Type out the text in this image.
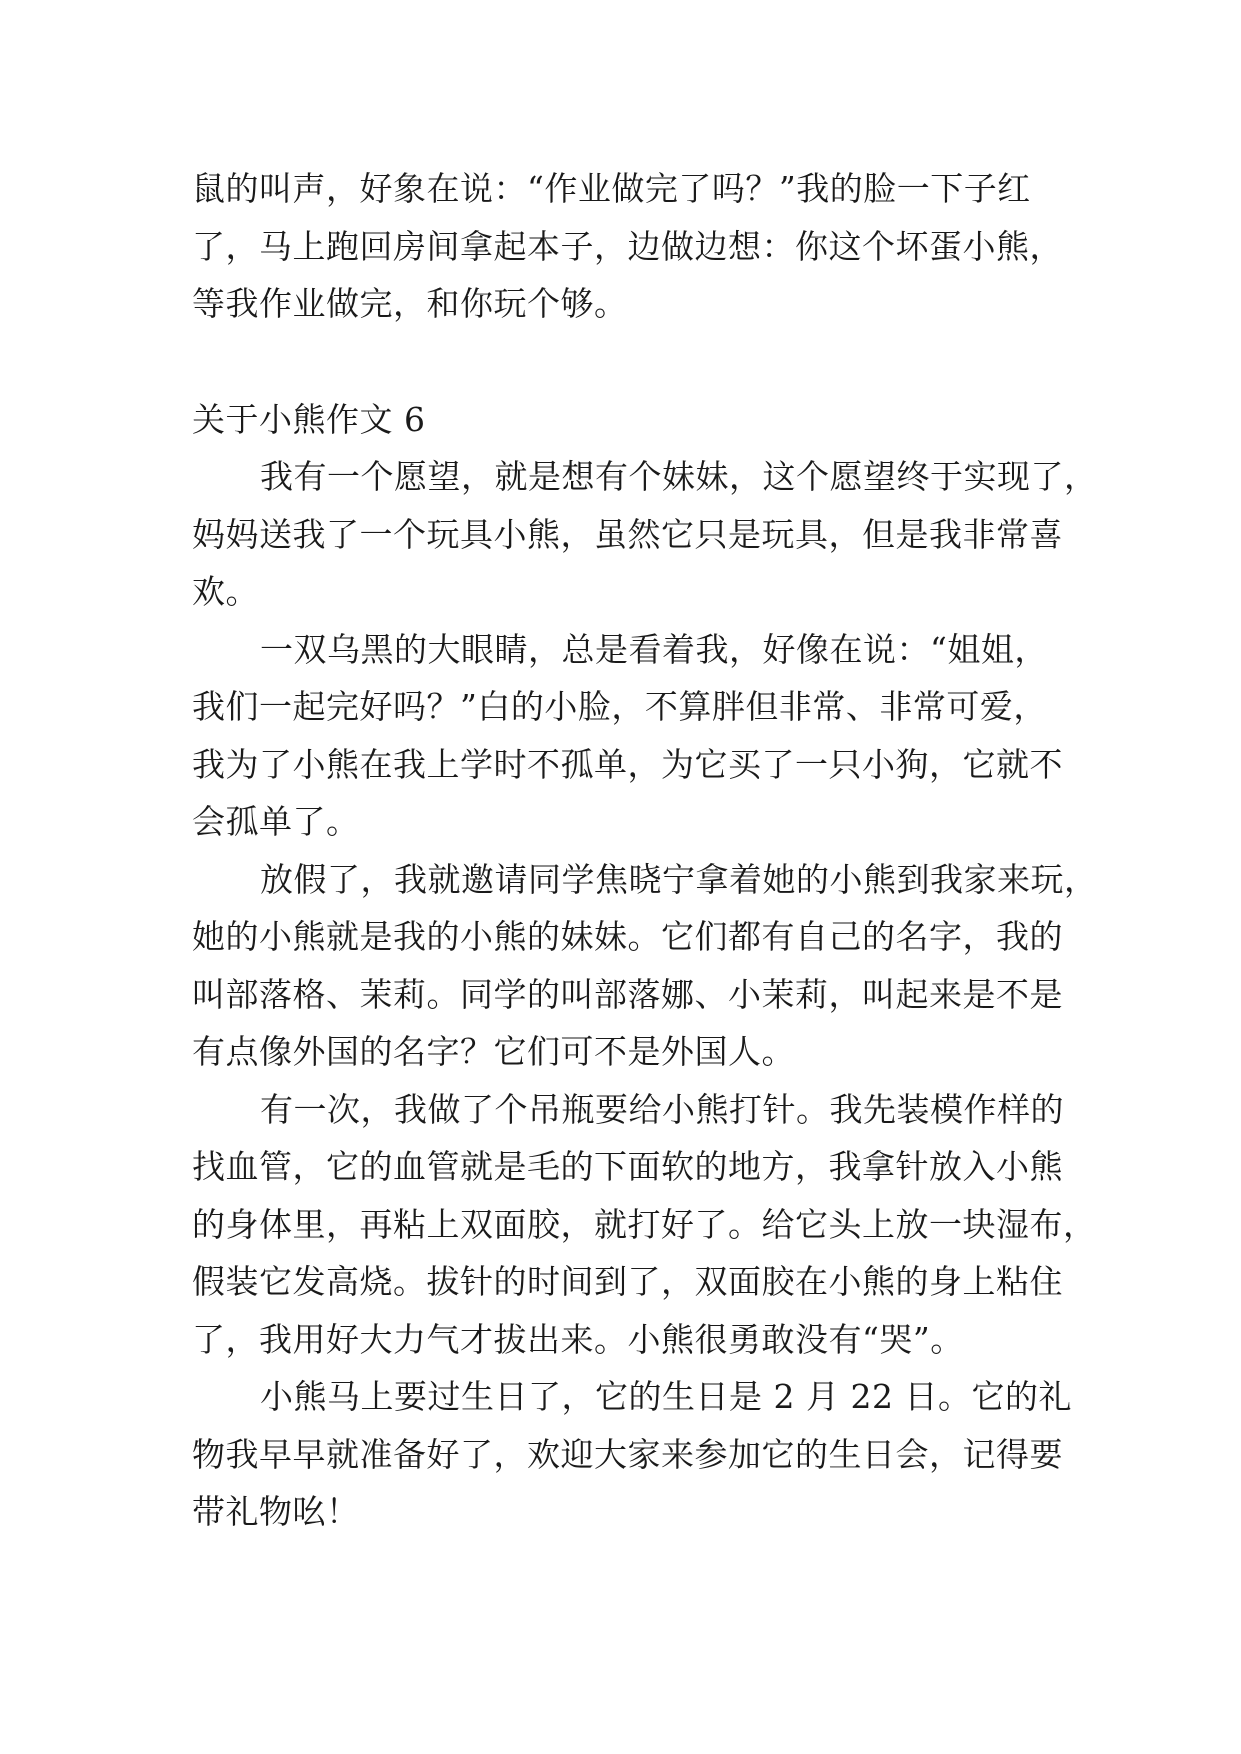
鼠的叫声，好象在说：“作业做完了吗？”我的脸一下子红
了，马上跑回房间拿起本子，边做边想：你这个坏蛋小熊，
等我作业做完，和你玩个够。
关于小熊作文 6
我有一个愿望，就是想有个妹妹，这个愿望终于实现了，
妈妈送我了一个玩具小熊，虽然它只是玩具，但是我非常喜
欢。
一双乌黑的大眼睛，总是看着我，好像在说：“姐姐，
我们一起完好吗？”白的小脸，不算胖但非常、非常可爱，
我为了小熊在我上学时不孤单，为它买了一只小狗，它就不
会孤单了。
放假了，我就邀请同学焦晓宁拿着她的小熊到我家来玩，
她的小熊就是我的小熊的妹妹。它们都有自己的名字，我的
叫部落格、茉莉。同学的叫部落娜、小茉莉，叫起来是不是
有点像外国的名字？它们可不是外国人。
有一次，我做了个吊瓶要给小熊打针。我先装模作样的
找血管，它的血管就是毛的下面软的地方，我拿针放入小熊
的身体里，再粘上双面胶，就打好了。给它头上放一块湿布，
假装它发高烧。拔针的时间到了，双面胶在小熊的身上粘住
了，我用好大力气才拔出来。小熊很勇敢没有“哭”。
小熊马上要过生日了，它的生日是 2 月 22 日。它的礼
物我早早就准备好了，欢迎大家来参加它的生日会，记得要
带礼物吆！
